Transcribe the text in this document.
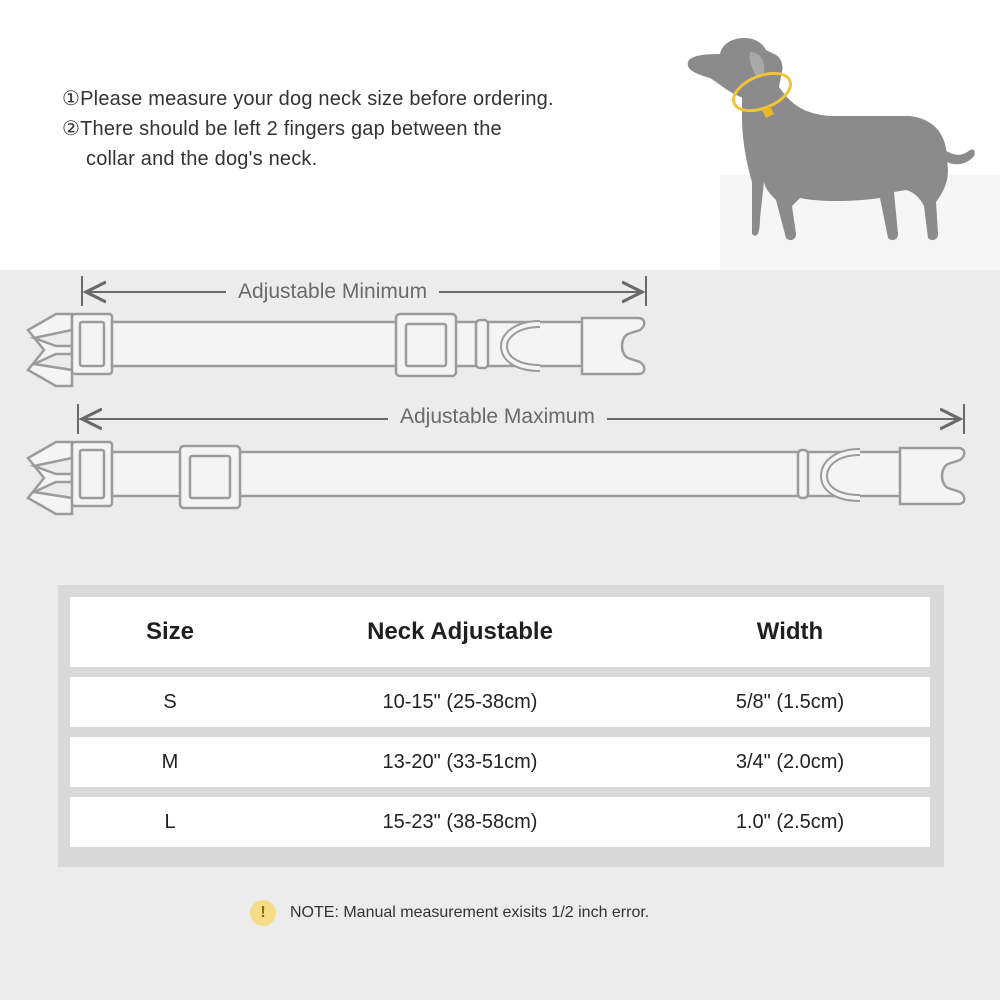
①Please measure your dog neck size before ordering.
②There should be left 2 fingers gap between the
collar and the dog's neck.
Adjustable Minimum
Adjustable Maximum
Size	Neck Adjustable	Width
S	10-15" (25-38cm)	5/8" (1.5cm)
M	13-20" (33-51cm)	3/4" (2.0cm)
L	15-23" (38-58cm)	1.0" (2.5cm)
!	NOTE: Manual measurement exisits 1/2 inch error.
